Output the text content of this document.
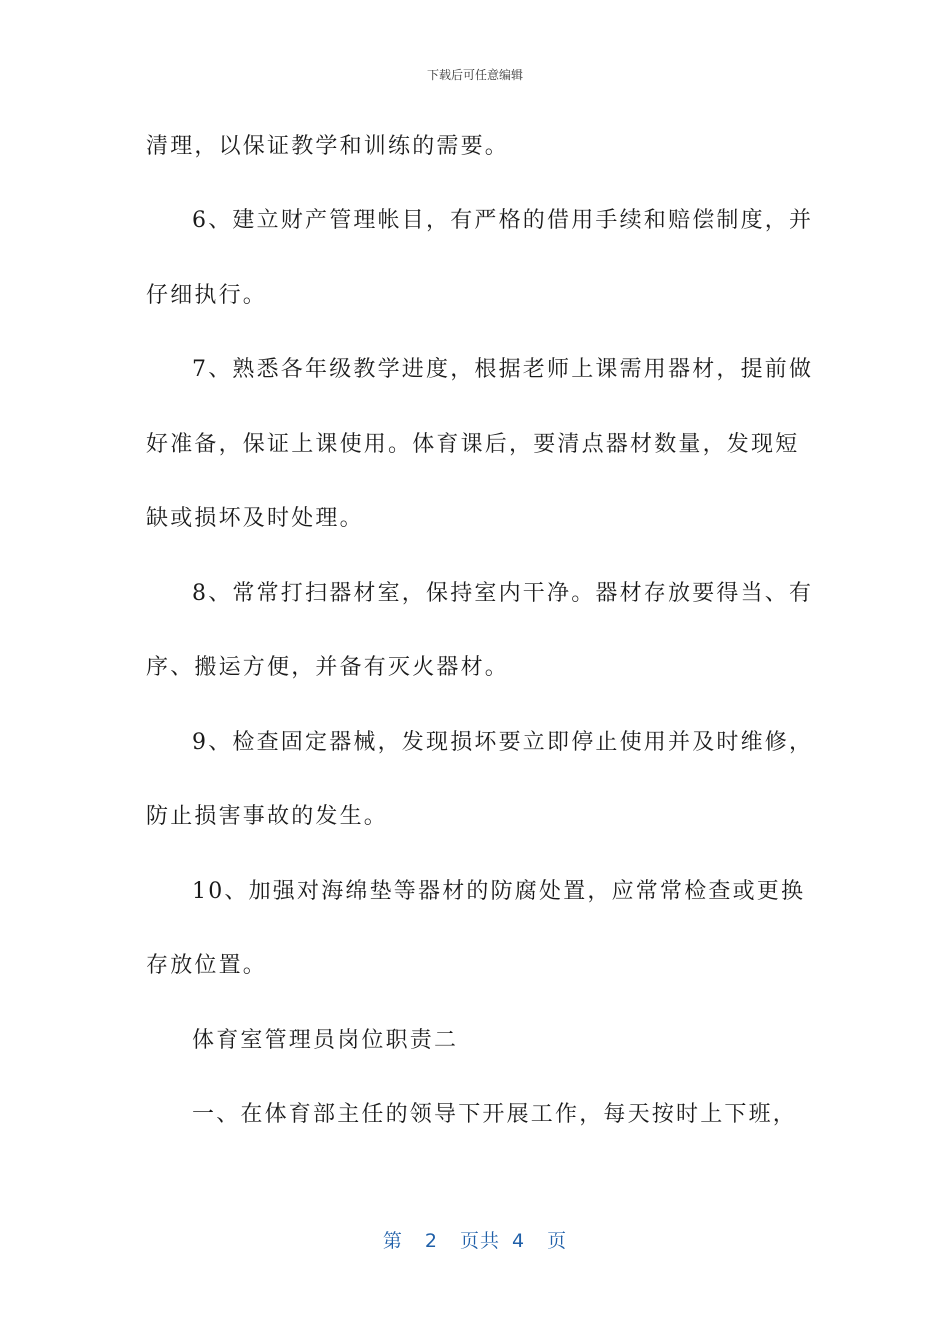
下载后可任意编辑
清理，以保证教学和训练的需要。
6、建立财产管理帐目，有严格的借用手续和赔偿制度，并
仔细执行。
7、熟悉各年级教学进度，根据老师上课需用器材，提前做
好准备，保证上课使用。体育课后，要清点器材数量，发现短
缺或损坏及时处理。
8、常常打扫器材室，保持室内干净。器材存放要得当、有
序、搬运方便，并备有灭火器材。
9、检查固定器械，发现损坏要立即停止使用并及时维修，
防止损害事故的发生。
10、加强对海绵垫等器材的防腐处置，应常常检查或更换
存放位置。
体育室管理员岗位职责二
一、在体育部主任的领导下开展工作，每天按时上下班，
第 2 页共 4 页
